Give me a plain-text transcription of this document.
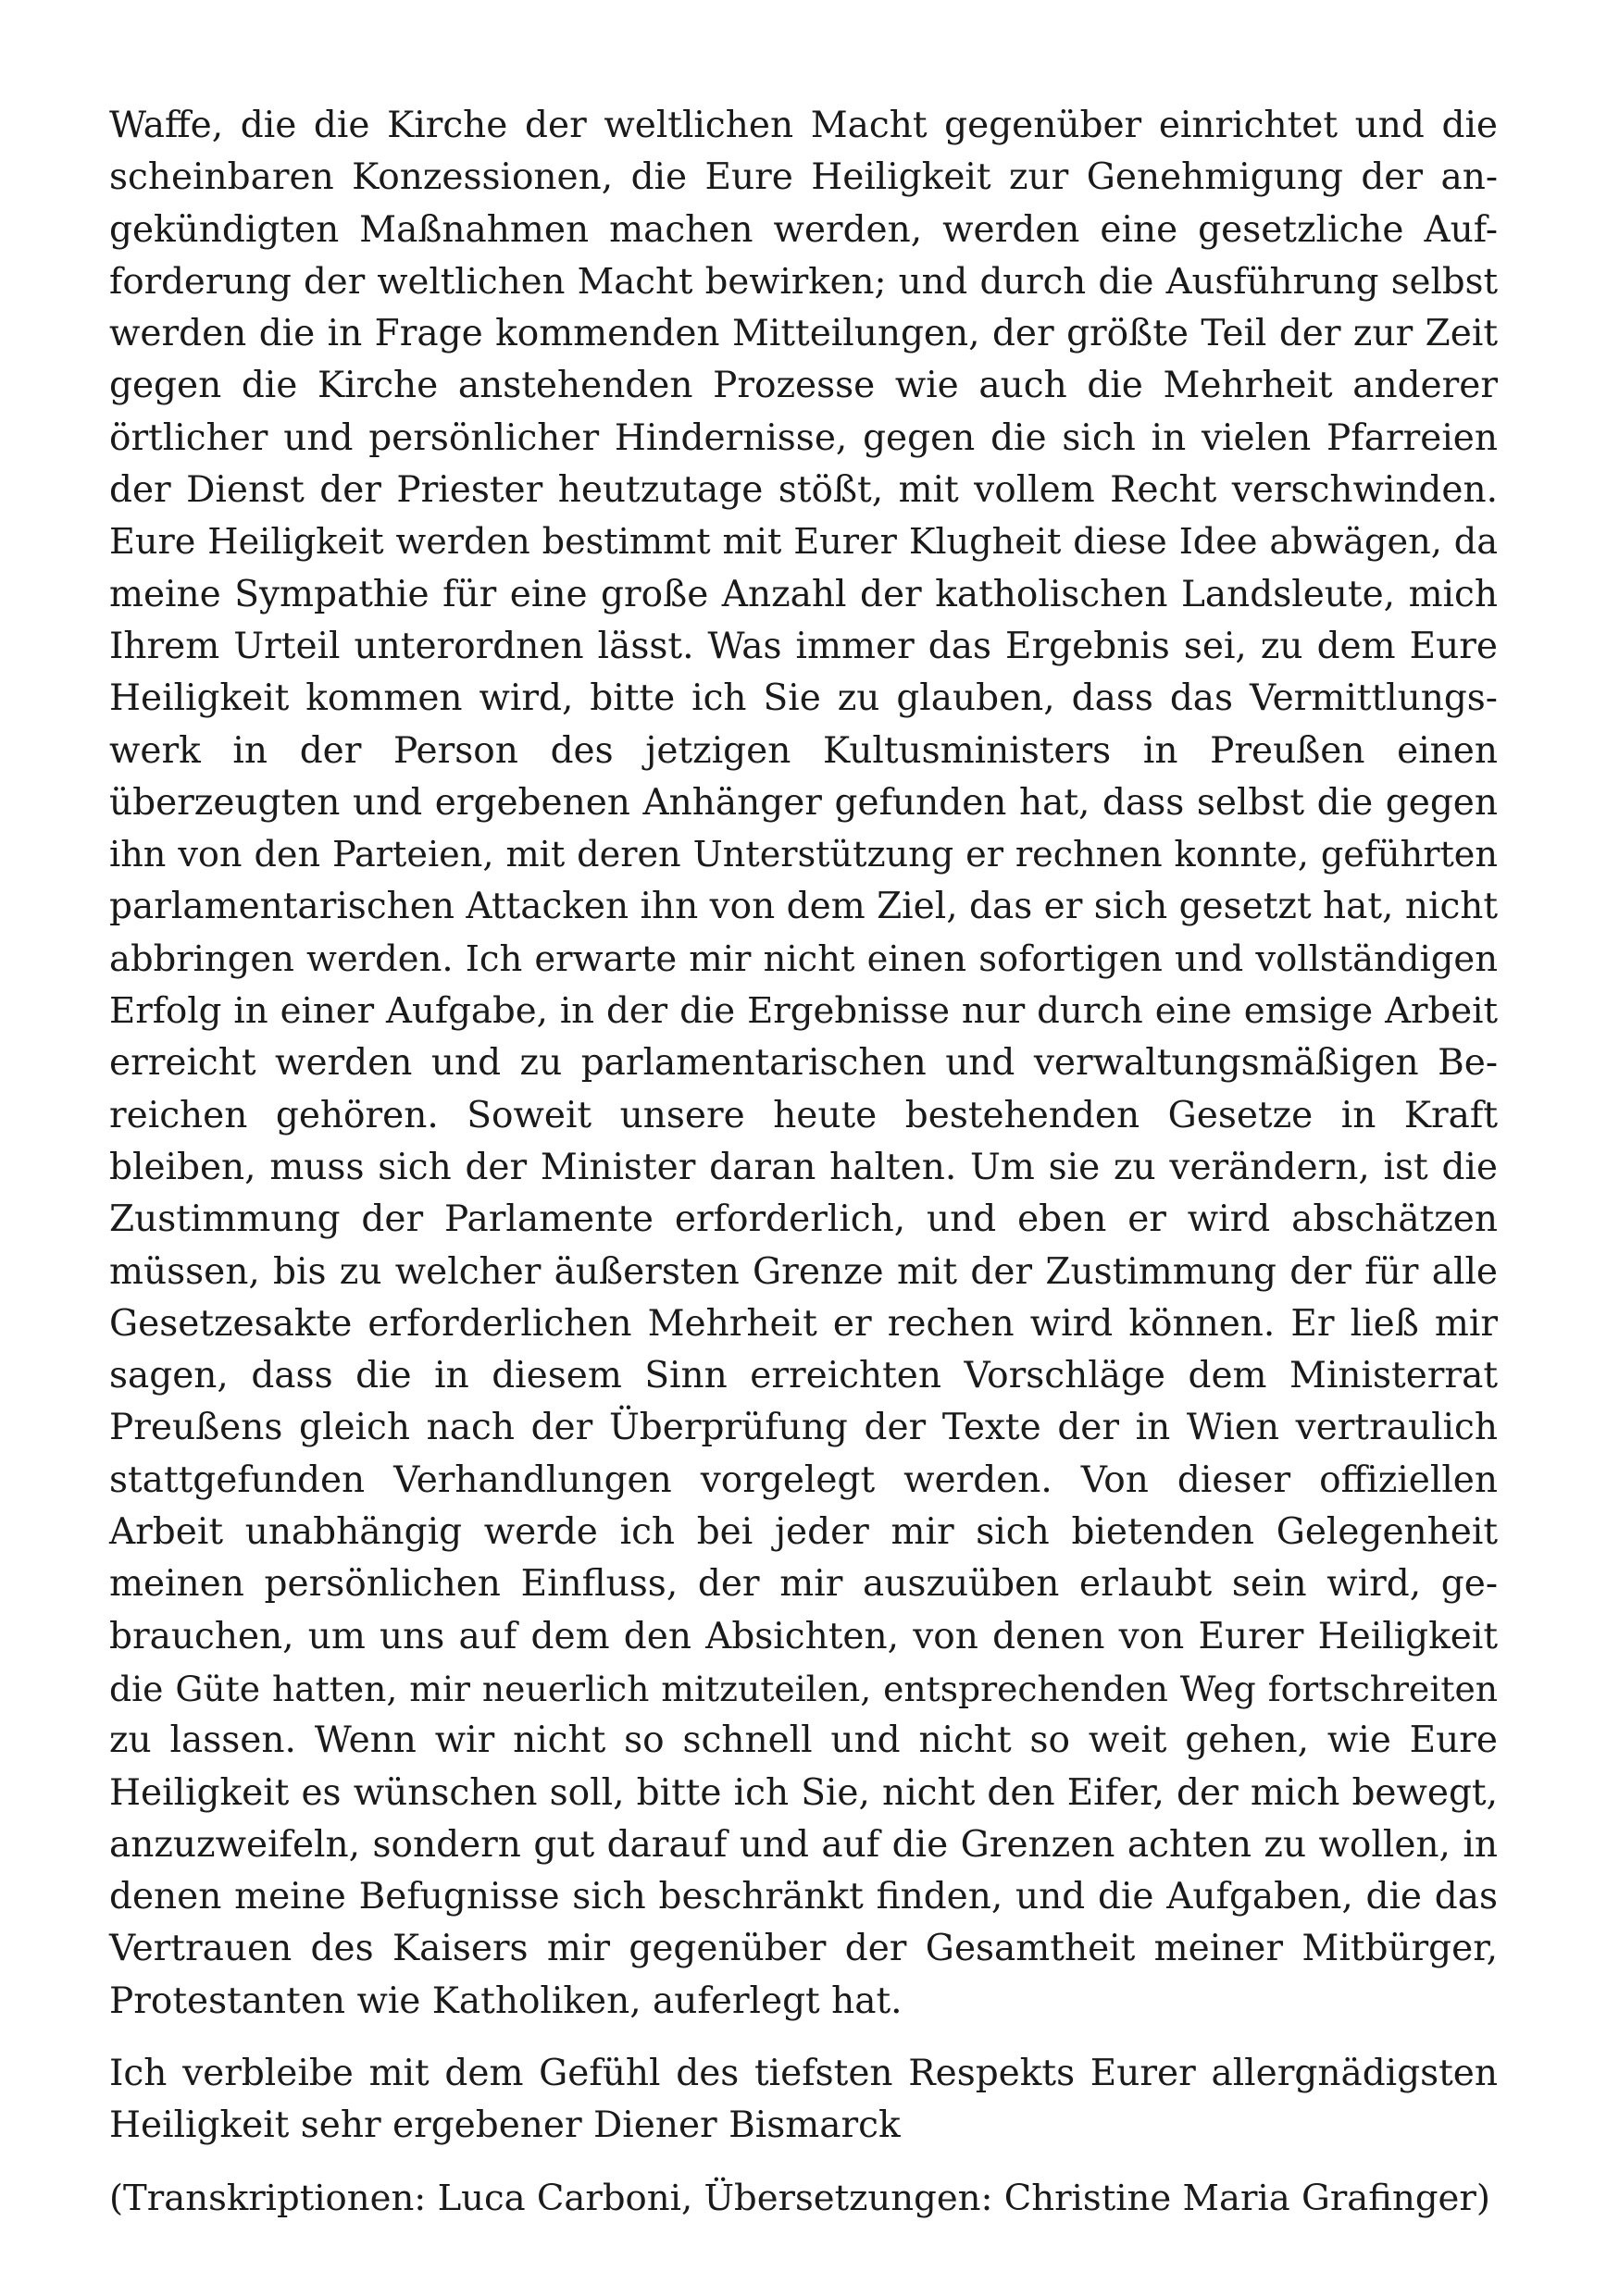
Waffe, die die Kirche der weltlichen Macht gegenüber einrichtet und die
scheinbaren Konzessionen, die Eure Heiligkeit zur Genehmigung der an-
gekündigten Maßnahmen machen werden, werden eine gesetzliche Auf-
forderung der weltlichen Macht bewirken; und durch die Ausführung selbst
werden die in Frage kommenden Mitteilungen, der größte Teil der zur Zeit
gegen die Kirche anstehenden Prozesse wie auch die Mehrheit anderer
örtlicher und persönlicher Hindernisse, gegen die sich in vielen Pfarreien
der Dienst der Priester heutzutage stößt, mit vollem Recht verschwinden.
Eure Heiligkeit werden bestimmt mit Eurer Klugheit diese Idee abwägen, da
meine Sympathie für eine große Anzahl der katholischen Landsleute, mich
Ihrem Urteil unterordnen lässt. Was immer das Ergebnis sei, zu dem Eure
Heiligkeit kommen wird, bitte ich Sie zu glauben, dass das Vermittlungs-
werk in der Person des jetzigen Kultusministers in Preußen einen
überzeugten und ergebenen Anhänger gefunden hat, dass selbst die gegen
ihn von den Parteien, mit deren Unterstützung er rechnen konnte, geführten
parlamentarischen Attacken ihn von dem Ziel, das er sich gesetzt hat, nicht
abbringen werden. Ich erwarte mir nicht einen sofortigen und vollständigen
Erfolg in einer Aufgabe, in der die Ergebnisse nur durch eine emsige Arbeit
erreicht werden und zu parlamentarischen und verwaltungsmäßigen Be-
reichen gehören. Soweit unsere heute bestehenden Gesetze in Kraft
bleiben, muss sich der Minister daran halten. Um sie zu verändern, ist die
Zustimmung der Parlamente erforderlich, und eben er wird abschätzen
müssen, bis zu welcher äußersten Grenze mit der Zustimmung der für alle
Gesetzesakte erforderlichen Mehrheit er rechen wird können. Er ließ mir
sagen, dass die in diesem Sinn erreichten Vorschläge dem Ministerrat
Preußens gleich nach der Überprüfung der Texte der in Wien vertraulich
stattgefunden Verhandlungen vorgelegt werden. Von dieser offiziellen
Arbeit unabhängig werde ich bei jeder mir sich bietenden Gelegenheit
meinen persönlichen Einfluss, der mir auszuüben erlaubt sein wird, ge-
brauchen, um uns auf dem den Absichten, von denen von Eurer Heiligkeit
die Güte hatten, mir neuerlich mitzuteilen, entsprechenden Weg fortschreiten
zu lassen. Wenn wir nicht so schnell und nicht so weit gehen, wie Eure
Heiligkeit es wünschen soll, bitte ich Sie, nicht den Eifer, der mich bewegt,
anzuzweifeln, sondern gut darauf und auf die Grenzen achten zu wollen, in
denen meine Befugnisse sich beschränkt finden, und die Aufgaben, die das
Vertrauen des Kaisers mir gegenüber der Gesamtheit meiner Mitbürger,
Protestanten wie Katholiken, auferlegt hat.
Ich verbleibe mit dem Gefühl des tiefsten Respekts Eurer allergnädigsten
Heiligkeit sehr ergebener Diener Bismarck
(Transkriptionen: Luca Carboni, Übersetzungen: Christine Maria Grafinger)
